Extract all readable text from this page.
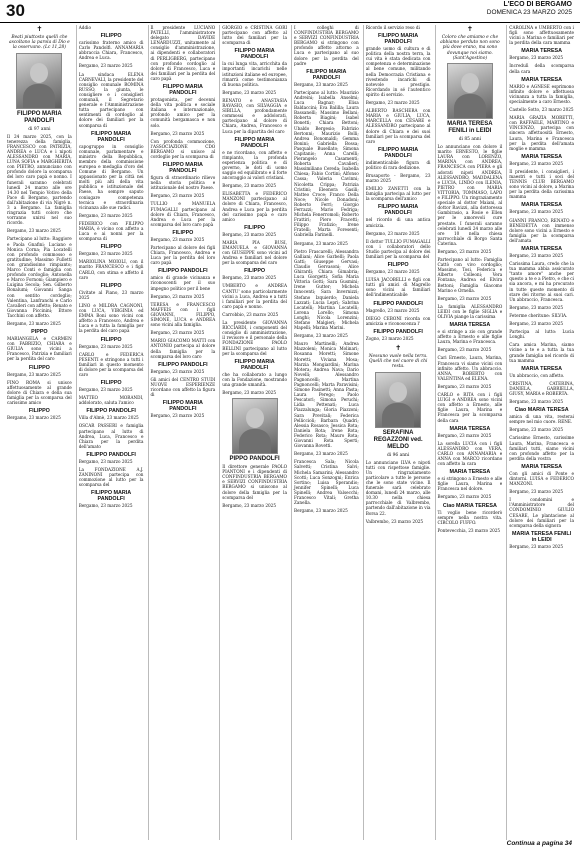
30	L'ECO DI BERGAMO
DOMENICA 23 MARZO 2025
✝
Beati piuttosto quelli che ascoltano la parola di Dio e la osservano. (Lc 11,28)
FILIPPO MARIA PANDOLFI
di 97 anni
Il 24 marzo 2025, con la tenerezza della famiglia, FRANCESCO con PATRIZIA, ANDREA e LUCA e i nipoti ALESSANDRO con MARIA, LUNA SOFIA e MARGHERITA con PIETRO, annunciano con profondo dolore la scomparsa del loro caro papà e nonno. I funerali saranno celebrati lunedì 24 marzo alle ore 14.30 nel Tempio Votivo della Pace di Bergamo, partendo dall'abitazione di via Nigrè n. 3 a Bergamo. La famiglia ringrazia tutti coloro che vorranno unirsi nel suo ricordo.
Bergamo, 23 marzo 2025
Partecipano al lutto: Raggiore e Paola Gnafini; Luciano e Monica Corna; Pia Locatelli con profondo commosso e gratitudine; Massimo Fulletti con grandissimo rimpianto; Marco Conti e famiglia con profondo cordoglio; Antonella e Marco Fornoni; Giampiero e Luigina Secola; Sen. Gilberto Bonalumi; Giovanni Sanga con sentito cordoglio; Valentina, Lanfranchi e Carlo Cavalleri con affetto; Renato e Giovanna Piccinini; Ettore Tacchini con affetto.
Bergamo, 23 marzo 2025
PIPPO
MARIANGELA e CARMEN con FABRIZIO, CHIARA e GIULIA sono vicini a Francesco, Patrizia e familiari per la perdita del caro
FILIPPO
Bergamo, 23 marzo 2025
FINO ROMA si unisce affettuosamente al grande dolore di Chiara e della sua famiglia per la scomparsa del carissimo amico
FILIPPO
Bergamo, 23 marzo 2025
Addio
FILIPPO
carissimo fraterno amico di Carlo Pandolfi. ANNAMARIA abbraccia Chiara, Francesco, Andrea e Luca.
Bergamo, 23 marzo 2025
La sindaca ELENA CARNEVALI, la presidente del consiglio comunale ROMINA RUSSO, la giunta, le consigliere e i consiglieri comunali, il Segretario generale e l'Amministrazione tutta partecipano con sentimenti di cordoglio al dolore dei familiari per la scomparsa di
FILIPPO MARIA PANDOLFI
capogruppo in consiglio comunale, parlamentare e ministro della Repubblica, membro della commissione europea e medaglia d'oro del Comune di Bergamo. Un appassionato per la città nei molti più alti della vita pubblica e istituzionale del Paese, ha sempre saputo coniugare competenza tecnica e straordinaria vicinanza alle sue radici.
Bergamo, 23 marzo 2025
FEDERICO con FILIPPO MARIA, è vicino con affetto a Luca e ai nonni per la scomparsa di
FILIPPO
Bergamo, 23 marzo 2025
MARIOLINA MOIOLI, con il marito FRANCESCO e i figli CARLO, con stima e affetto il caro
FILIPPO
Civitate al Piano, 23 marzo 2025
LINO e MILDRA CAGNONI, con LUCA, VIRGINIA ed EMMA Boni sono vicini con affetto a Francesco, Andrea e Luca e a tutta la famiglia per la perdita del caro papà
FILIPPO
Bergamo, 23 marzo 2025
CARLO e FEDERICA PESENTI e stringono a tutti i familiari in questo momento di dolore per la scomparsa del caro
FILIPPO
Bergamo, 23 marzo 2025
MATTEO MORANDI, addolorato, saluta l'amico
FILIPPO PANDOLFI
Villa d'Almè, 23 marzo 2025
OSCAR PASSERI e famiglia partecipano al lutto di Andrea, Luca, Francesco e Chiara per la perdita dell'amato
FILIPPO PANDOLFI
Bergamo, 23 marzo 2025
La FONDAZIONE A.J. ZANINONI partecipa con commozione al lutto per la scomparsa del
FILIPPO MARIA PANDOLFI
Bergamo, 23 marzo 2025
Il presidente LUCIANO PATELLI, l'amministratore delegato DAVIDE LENARDUZZI, unitamente al consiglio d'amministrazione, ai dipendenti e collaboratori di PERLIGBERG, partecipano con profondo cordoglio al dolore di Francesco, Luca e dei familiari per la perdita del caro papà
FILIPPO MARIA PANDOLFI
protagonista, per decenni della vita politica e sociale italiana e internazionale, profondo amico per la comunità bergamasca e non solo.
Bergamo, 23 marzo 2025
Con profonda commozione, l'ASSOCIAZIONE CDO BERGAMO si unisce al cordoglio per la scomparsa di
FILIPPO MARIA PANDOLFI
figura di straordinario rilievo nella storia politica e istituzionale del nostro Paese.
Bergamo, 23 marzo 2025
TULLIO e MANUELA FUMAGALLI partecipano al dolore di Chiara, Francesco, Andrea e Luca per la scomparsa del loro caro papà
FILIPPO
Bergamo, 23 marzo 2025
Partecipano al dolore dei figli Chiara, Francesco, Andrea e Luca per la perdita del loro caro papà
FILIPPO PANDOLFI
amico di grande vicinanza e riconoscenti per il suo impegno politico per il bene
Bergamo, 23 marzo 2025
TERESA e FRANCESCO MAFFEIS con i figli GIOVANNI, FILIPPO, SIMONE, LUCA e ANDREA sono vicini alla famiglia.
Bergamo, 23 marzo 2025
MARIO GIACOMO MATTI con ANTONIO partecipa al dolore della famiglia per la scomparsa del loro caro
FILIPPO PANDOLFI
Bergamo, 23 marzo 2025
Gli amici del CENTRO STUDI NUOVE ESPERIENZE ricordano con affetto la figura di
FILIPPO MARIA PANDOLFI
Bergamo, 23 marzo 2025
GIORGIO e CRISTINA GORI partecipano con affetto al lutto dei familiari per la scomparsa di
FILIPPO MARIA PANDOLFI
la cui lunga vita, arricchita da importanti incarichi nelle istituzioni italiane ed europee, rimarrà come testimonianza di buona politica.
Bergamo, 23 marzo 2025
RENATO e ANASTASIA RAVASIO, con SILVAGGIA e SIBILLA, profondamente commossi e addolorati, partecipano al dolore di Chiara, Andrea, Francesco e Luca per la dipartita del caro
FILIPPO MARIA PANDOLFI
e ne ricordano, con affetto e rimpianto, la profonda esperienza politica e di governo, le doti di uomo saggio ed equilibrato e il forte ancoraggio ai valori cristiani.
Bergamo, 23 marzo 2025
ELISABETTA e FEDERICO MANZONI partecipano al dolore di Chiara, Francesco, Andrea e Luca per la perdita del carissimo papà e caro amico
FILIPPO
Bergamo, 23 marzo 2025
MARIA PIA BUSI, EMANUELA e GIOVANNA con GIUSEPPE sono vicini ad Andrea e familiari nel dolore per la scomparsa del caro
FILIPPO
Bergamo, 23 marzo 2025
UMBERTO e ANDREA CANTU' sono particolarmente vicini a Luca, Andrea e a tutti i familiari per la perdita del caro papà e nonno.
Carrobbio, 23 marzo 2025
La presidente GIOVANNA RICCIARDI, i componenti del consiglio di amministrazione, il revisore e il personale della FONDAZIONE PAOLO BELLINI partecipano al lutto per la scomparsa del
FILIPPO MARIA PANDOLFI
che ha collaborato a lungo con la Fondazione, mostrando una grande umanità.
Bergamo, 23 marzo 2025
PIPPO PANDOLFI
Il direttore generale PAOLO PIANTONI e i dipendenti di CONFINDUSTRIA BERGAMO e SERVIZI CONFINDUSTRIA BERGAMO si uniscono al dolore della famiglia per la scomparsa del
Bergamo, 23 marzo 2025
I colleghi di CONFINDUSTRIA BERGAMO e SERVIZI CONFINDUSTRIA BERGAMO si stringono con profondo affetto attorno a Luca e partecipano al suo dolore per la perdita del padre
FILIPPO MARIA PANDOLFI
Bergamo, 23 marzo 2025
Partecipano al lutto: Maurizio Andreini; Isabella Anselmi; Luca Bagnar; Elisa Baldaccini; Eva Balilla; Laura Bassanelli; Massimo Bellani; Roberta Biagini; Isabel Bonetti; Chiara Bettoni; Ubaldo Bergesio; Fabrizio Bertonni; Maurizio Bolli; Andrea Bonomaldi; Gemma Bonini; Gabriella Bossa; Pasquale Busellato; Simona Capitanio; Anna Carelli; Pierangelo Casamenti; Roberta Cavalieri; Massimiliano Cereda; Isabella Chiesa; Fabio Cortini; Alfonso Cassa; Valeria Cavinni; Nicoletta Crippa; Patrizia Cristini; Eleonora Gasili; Matteo Croce; Franco Della Noce; Nicole Donadoni; Roberto Ferri; Giorgio Ferrazzi; Mario Fedriga; Michela Fenerromoli; Roberto Frattiri; Piero Fracetti; Filippo Fratizio; Irene Fratelli; Marta Foresenti; Gabriella Farinelli.
Bergamo, 23 marzo 2025
Pietro Frascarelli; Alessandra Galliani; Alice Garbelli; Paola Gatti; Giuseppe Gervasi; Claudio Gervasoni; Alice Ghirardi; Chiara Gimabria; Luca Giorgetti; Sofia Maria Vittoria Gotti; Sara Gusmini; Irene Gutter; Michela Innocenti; Sara Invernizzi; Stefano Izquierdo; Daniela Lazzati; Lucia Lepri; Sabrina Locatelli; Martina Locatelli; Lorena Lorello; Simona Longhi; Nicola Lorenzini; Stefano Malgieri; Michela Mapelli; Marina Marini.
Bergamo, 23 marzo 2025
Mauro Martinelli; Andrea Mazzoleni; Monica Molinari; Rosanna Moretti; Simone Moretti; Viviana Mosa; Marzia Mongiardini; Marina Motera; Andrea Nava; Dario Novelli; Alessandro Pagnoncelli; Martina Pagnoncelli; Marta Paravisini; Simone Pasinetti; Anna Pasta; Laura Perego; Paolo Pescatori; Simona Peruchi; Lidia Pettenati; Luca Piazzalunga; Gloria Piazzoni; Sara Previtali; Federica Pelliccioli; Barbara Quadri; Alessia Rosasco; Jessica Rota; Daniela Rota; Irene Rota; Federico Rota; Mauro Rota; Giovanni Rota Sperti; Giovanna Rovetti.
Bergamo, 23 marzo 2025
Francesca Sala; Nicola Salvetti; Cristina Salvi; Michela Samarini; Alessandro Scotti; Luca Sonzogni; Enrica Sortino; Luisa Sperandio; Jennifer Spinelli; Luca Spinelli; Andrea Valsecchi; Francesco Vitali; Gretha Zanella.
Bergamo, 23 marzo 2025
Ricordo il servizio reso di
FILIPPO MARIA PANDOLFI
grande uomo di cultura e di politica della nostra terra, la cui vita è stata dedicata con competenza e determinazione al bene comune, militando nella Democrazia Cristiana e rivestendo incarichi di notevole prestigio. Ricordando in sé l'autentico spirito di servizio.
Bergamo, 23 marzo 2025
ALBERTO BASCHERA con MARIA e GIULIA, LUCA, MARCELLA con CESARE e ALESSANDRO partecipano al dolore di Chiara e dei suoi familiari per la scomparsa del caro
FILIPPO MARIA PANDOLFI
indimenticabile figura di politico di rara dedizione.
Brusaporto - Bergamo, 23 marzo 2025
EMILIO ZANETTI con la famiglia partecipa al lutto per la scomparsa dell'amico
FILIPPO MARIA PANDOLFI
nel ricordo di una antica amicizia.
Bergamo, 23 marzo 2025
Il dottor TULLIO FUMAGALLI con i collaboratori dello Studio partecipa al dolore dei familiari per la scomparsa del
FILIPPO
Bergamo, 23 marzo 2025
LUISA JACOBELLI e figli con tutti gli amici di Magrello sono vicini ai familiari dell'indimenticabile
FILIPPO PANDOLFI
Magrello, 23 marzo 2025
DIEGO CEBONI ricorda con amicizia e riconoscenza l'
FILIPPO PANDOLFI
Zogno, 23 marzo 2025
✝
Nessuno vuole nella terra. Quelli che nel cuore di chi resta.
SERAFINA REGAZZONI ved. MELDO
di 96 anni
Lo annunciano ILVA e nipoti tutti con rispettose famiglie. Un ringraziamento particolare a tutte le persone che le sono state vicine. Il funerale sarà celebrato domani, lunedì 24 marzo, alle 10.30 nella chiesa parrocchiale di Valbrembo, partendo dall'abitazione in via Borsa 22.
Valbrembo, 23 marzo 2025
✝
Coloro che amiamo e che abbiamo perduto non sono più dove erano, ma sono dovunque noi siamo. (Sant'Agostino)
MARIA TERESA FENILI in LEIDI
di 85 anni
Lo annunciano con dolore il marito ERNESTO, le figlie LAURA con LORENZO, MARINA con ANDREA, FRANCESCA con PIERA e gli adorati nipoti ANDREA, ALESSANDRO, MADDALENA e LUCIA, LINDO con ILENIA, PIETRO con MARIA VITTORIA, TOMMASO, LAPO e FILIPPO. Un ringraziamento speciale al dottor Maiani, al dottor Ravizzi, alla dottoressa Gambirasio, a Rosie e Ellen per le amorevoli cure prestate. I funerali saranno celebrati lunedì 24 marzo alle ore 10 nella chiesa parrocchiale di Borgo Santa Caterina.
Bergamo, 23 marzo 2025
Partecipano al lutto: Famiglia Cattò con vivo cordoglio; Massimo, Tosi, Federica e Alberto Colleoni; Vera Fontana; Andrea ed Elvira Bettoni; Famiglia Giacomo Marino e Ornella.
Bergamo, 23 marzo 2025
La famiglia ALESSANDRO LEIDI con le figlie SIGLIA e OLIVIA piange la carissima
MARIA TERESA
e si stringe a zio con grande affetto a Ernesto e alle figlie Laura, Marina e Francesca.
Bergamo, 23 marzo 2025
Cari Ernesto, Laura, Marina, Francesca vi siamo vicini con infinito affetto. Un abbraccio. ANNA, ROBERTO con VALENTINA ed ELENA.
Bergamo, 23 marzo 2025
CARLO e RITA con i figli LUIGI e ANDREA sono vicini con affetto a Ernesto, alle figlie Laura, Marina e Francesca per la scomparsa della cara
MARIA TERESA
Bergamo, 23 marzo 2025
La sorella LUCIA con i figli ALESSANDRO con VERA, CARLO con ANNAMARIA e ANNA con MARCO ricordano con affetto la cara
MARIA TERESA
e si stringono a Ernesto e alle figlie Laura, Marina e Francesca nel dolore.
Bergamo, 23 marzo 2025
Ciao MARIA TERESA
Ti voglio bene ricorderò sempre nella nostra vita. CIRCOLO FUFFO.
Pontevecchia, 23 marzo 2025
CAROLINA e UMBERTO con i figli sono affettuosamente vicini a Marina e familiari per la perdita della cara mamma
MARIA TERESA
Bergamo, 23 marzo 2025
Incredulì della scomparsa della cara
MARIA TERESA
MARIO e AGNESE esprimono infinito dolore e affettuosa vicinanza a tutta la famiglia, specialmente a caro Ernesto.
Castello Sotto, 23 marzo 2025
MARIA GRAZIA MORETTI, con RAFFAELE, MARTINO e VINCENZO, partecipa con sincera affettuosità Ernesto, Laura, Marina e Francesca per la perdita dell'amata moglie e mamma
MARIA TERESA
Bergamo, 23 marzo 2025
Il presidente, i consiglieri, i maestri e tutti i soci del TENNIS CLUB BERGAMO sono vicini al dolore, a Marina per la perdita della carissima mamma
MARIA TERESA
Bergamo, 23 marzo 2025
GIANNI FRANCO, RENATO e BENEDETTA con immenso dolore sono vicini a Ernesto e famiglia per la scomparsa dell'amata
MARIA TERESA
Bergamo, 23 marzo 2025
Carissima Laura, credo che la tua mamma abbia assicurato "tanto amore" anche per questo a te e a Pietro, e che ci sia ancora, e mi ha procurato in tutte queste momento di stare dei ritorno ai suoi cari. Un abbraccio, Francesca.
Bergamo, 23 marzo 2025
Feterme cheritune: SILVIA.
Bergamo, 23 marzo 2025
Partecipa al lutto: Lucia Longhi.
Cara amica Marina, siamo vicine a te e a tutta la tua grande famiglia nel ricordo di tua mamma
MARIA TERESA
Un abbraccio, con affetto.
CRISTINA, CATERINA, DANIELA, GABRIELLA, GIUSY, MARIA e ROBERTA.
Bergamo, 23 marzo 2025
Ciao MARIA TERESA
amica di una vita, resterai sempre nel mio cuore. RENE.
Bergamo, 23 marzo 2025
Carissimo Ernesto, carissime Laura, Marina, Francesca e familiari tutti, siamo vicini con profondo affetto per la perdita della vostra
MARIA TERESA
Con gli amici di Ponte e dintorni. LUISA e FEDERICO MANZONI.
Bergamo, 23 marzo 2025
I condomini e l'Amministratore del CONDOMINIO GIULIO CESARE, Le plantacione al dolore dei familiari per la scomparsa della signora
MARIA TERESA FENILI in LEIDI
Bergamo, 23 marzo 2025
Continua a pagina 34
